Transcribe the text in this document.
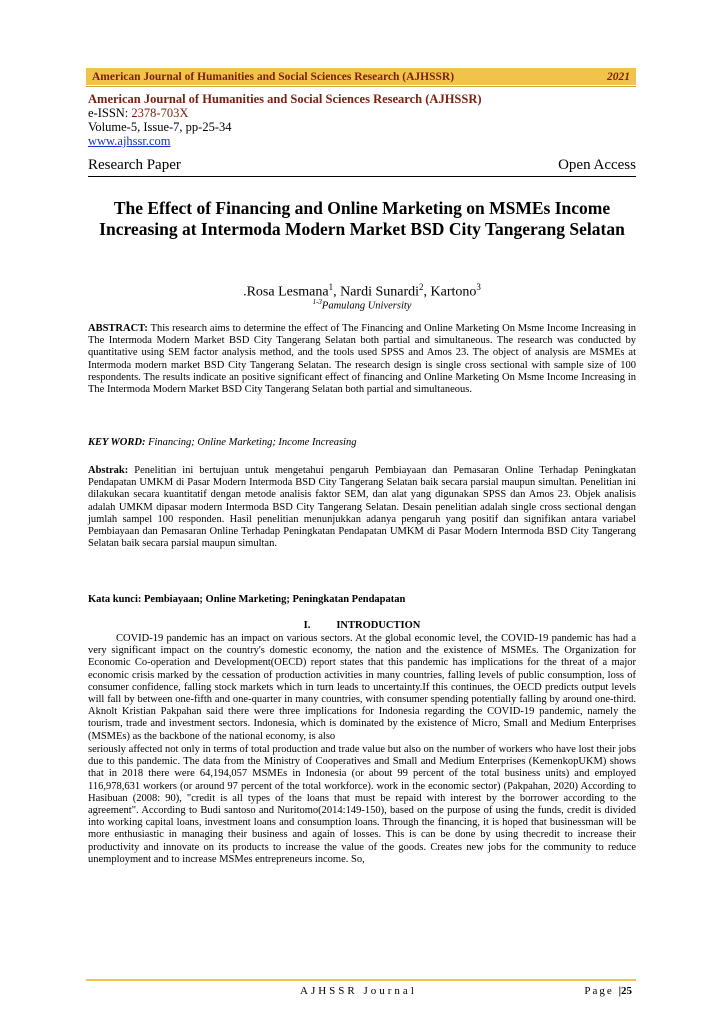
American Journal of Humanities and Social Sciences Research (AJHSSR)	2021
American Journal of Humanities and Social Sciences Research (AJHSSR)
e-ISSN: 2378-703X
Volume-5, Issue-7, pp-25-34
www.ajhssr.com
Research Paper	Open Access
The Effect of Financing and Online Marketing on MSMEs Income Increasing at Intermoda Modern Market BSD City Tangerang Selatan
.Rosa Lesmana$^1$, Nardi Sunardi$^2$, Kartono$^3$
$^{1-3}$Pamulang University
ABSTRACT: This research aims to determine the effect of The Financing and Online Marketing On Msme Income Increasing in The Intermoda Modern Market BSD City Tangerang Selatan both partial and simultaneous. The research was conducted by quantitative using SEM factor analysis method, and the tools used SPSS and Amos 23. The object of analysis are MSMEs at Intermoda modern market BSD City Tangerang Selatan. The research design is single cross sectional with sample size of 100 respondents. The results indicate an positive significant effect of financing and Online Marketing On Msme Income Increasing in The Intermoda Modern Market BSD City Tangerang Selatan both partial and simultaneous.
KEY WORD: Financing; Online Marketing; Income Increasing
Abstrak: Penelitian ini bertujuan untuk mengetahui pengaruh Pembiayaan dan Pemasaran Online Terhadap Peningkatan Pendapatan UMKM di Pasar Modern Intermoda BSD City Tangerang Selatan baik secara parsial maupun simultan. Penelitian ini dilakukan secara kuantitatif dengan metode analisis faktor SEM, dan alat yang digunakan SPSS dan Amos 23. Objek analisis adalah UMKM dipasar modern Intermoda BSD City Tangerang Selatan. Desain penelitian adalah single cross sectional dengan jumlah sampel 100 responden. Hasil penelitian menunjukkan adanya pengaruh yang positif dan signifikan antara variabel Pembiayaan dan Pemasaran Online Terhadap Peningkatan Pendapatan UMKM di Pasar Modern Intermoda BSD City Tangerang Selatan baik secara parsial maupun simultan.
Kata kunci: Pembiayaan; Online Marketing; Peningkatan Pendapatan
I. INTRODUCTION
COVID-19 pandemic has an impact on various sectors. At the global economic level, the COVID-19 pandemic has had a very significant impact on the country's domestic economy, the nation and the existence of MSMEs. The Organization for Economic Co-operation and Development(OECD) report states that this pandemic has implications for the threat of a major economic crisis marked by the cessation of production activities in many countries, falling levels of public consumption, loss of consumer confidence, falling stock markets which in turn leads to uncertainty.If this continues, the OECD predicts output levels will fall by between one-fifth and one-quarter in many countries, with consumer spending potentially falling by around one-third. Aknolt Kristian Pakpahan said there were three implications for Indonesia regarding the COVID-19 pandemic, namely the tourism, trade and investment sectors. Indonesia, which is dominated by the existence of Micro, Small and Medium Enterprises (MSMEs) as the backbone of the national economy, is also
seriously affected not only in terms of total production and trade value but also on the number of workers who have lost their jobs due to this pandemic. The data from the Ministry of Cooperatives and Small and Medium Enterprises (KemenkopUKM) shows that in 2018 there were 64,194,057 MSMEs in Indonesia (or about 99 percent of the total business units) and employed 116,978,631 workers (or around 97 percent of the total workforce). work in the economic sector) (Pakpahan, 2020) According to Hasibuan (2008: 90), "credit is all types of the loans that must be repaid with interest by the borrower according to the agreement". According to Budi santoso and Nuritomo(2014:149-150), based on the purpose of using the funds, credit is divided into working capital loans, investment loans and consumption loans. Through the financing, it is hoped that businessman will be more enthusiastic in managing their business and again of losses. This is can be done by using thecredit to increase their productivity and innovate on its products to increase the value of the goods. Creates new jobs for the community to reduce unemployment and to increase MSMes entrepreneurs income. So,
AJHSSR Journal	Page |25
